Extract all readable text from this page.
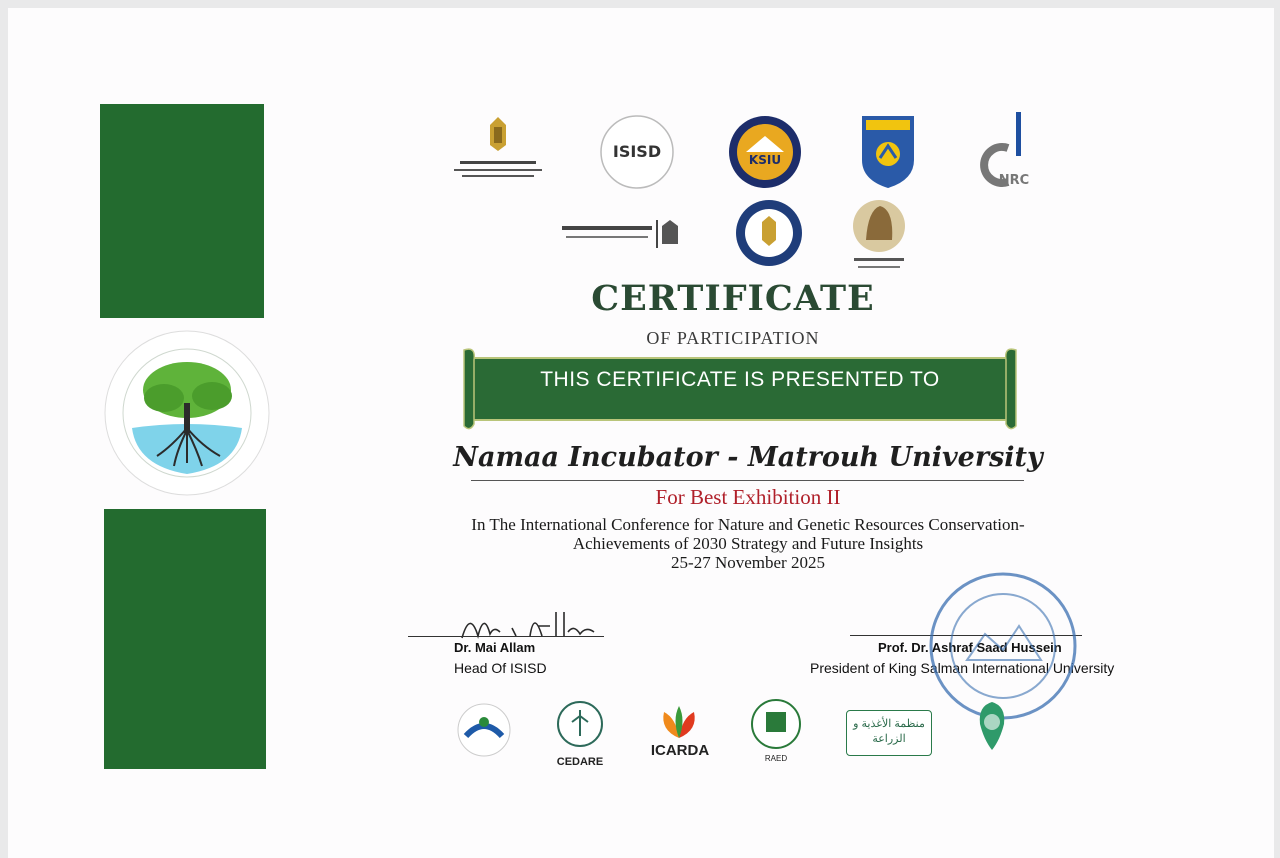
ISISD	KSIU
NRC
CERTIFICATE
OF PARTICIPATION
THIS CERTIFICATE IS PRESENTED TO
Namaa Incubator - Matrouh University
For Best Exhibition II
In The International Conference for Nature and Genetic Resources Conservation-
Achievements of 2030 Strategy and Future Insights
25-27 November 2025
Dr. Mai Allam
Head Of ISISD
Prof. Dr. Ashraf Saad Hussein
President of King Salman International University
CEDARE
ICARDA	RAED
منظمة الأغذية و الزراعة
